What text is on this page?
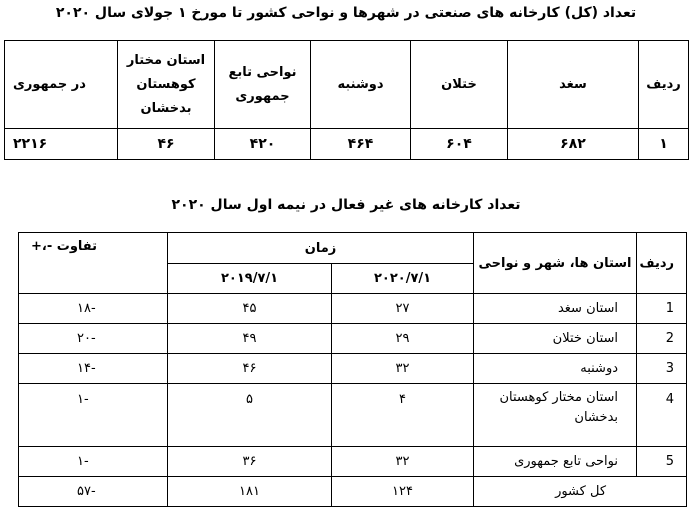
تعداد (کل) کارخانه های صنعتی در شهرها و نواحی کشور تا مورخ ۱ جولای سال ۲۰۲۰
ردیف	سغد	ختلان	دوشنبه	نواحی تابع جمهوری	استان مختار کوهستان بدخشان	در جمهوری
۱	۶۸۲	۶۰۴	۴۶۴	۴۲۰	۴۶	۲۲۱۶
تعداد کارخانه های غیر فعال در نیمه اول سال ۲۰۲۰
ردیف	استان ها، شهر و نواحی	زمان		تفاوت -،+
		۲۰۲۰/۷/۱	۲۰۱۹/۷/۱	
1	استان سغد	۲۷	۴۵	-۱۸
2	استان ختلان	۲۹	۴۹	-۲۰
3	دوشنبه	۳۲	۴۶	-۱۴
4	استان مختار کوهستان بدخشان	۴	۵	-۱
5	نواحی تابع جمهوری	۳۲	۳۶	-۱
کل کشور		۱۲۴	۱۸۱	-۵۷
